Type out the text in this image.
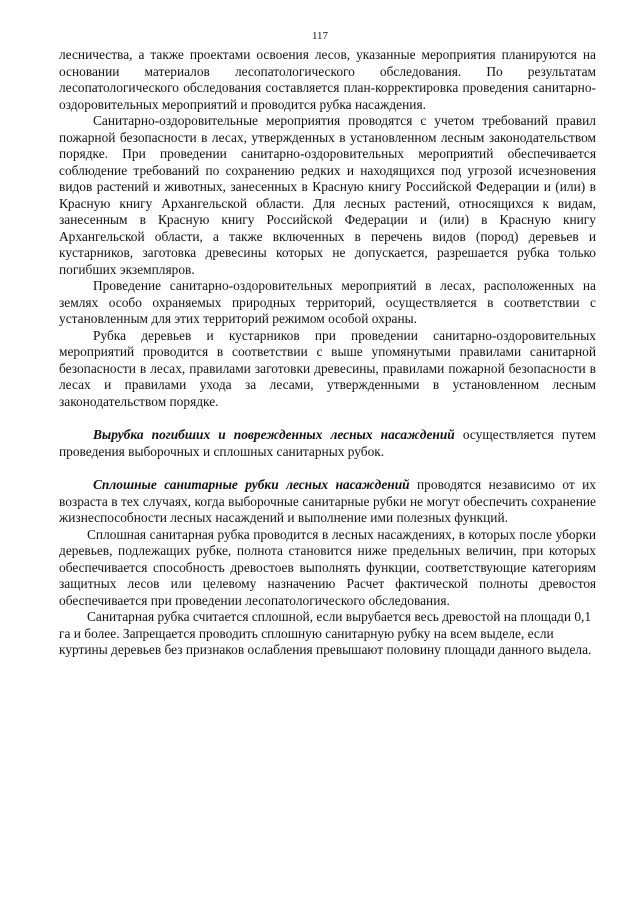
117

лесничества, а также проектами освоения лесов, указанные мероприятия планируются на основании материалов лесопатологического обследования. По результатам лесопатологического обследования составляется план-корректировка проведения санитарно-оздоровительных мероприятий и проводится рубка насаждения.

Санитарно-оздоровительные мероприятия проводятся с учетом требований правил пожарной безопасности в лесах, утвержденных в установленном лесным законодательством порядке. При проведении санитарно-оздоровительных мероприятий обеспечивается соблюдение требований по сохранению редких и находящихся под угрозой исчезновения видов растений и животных, занесенных в Красную книгу Российской Федерации и (или) в Красную книгу Архангельской области. Для лесных растений, относящихся к видам, занесенным в Красную книгу Российской Федерации и (или) в Красную книгу Архангельской области, а также включенных в перечень видов (пород) деревьев и кустарников, заготовка древесины которых не допускается, разрешается рубка только погибших экземпляров.

Проведение санитарно-оздоровительных мероприятий в лесах, расположенных на землях особо охраняемых природных территорий, осуществляется в соответствии с установленным для этих территорий режимом особой охраны.

Рубка деревьев и кустарников при проведении санитарно-оздоровительных мероприятий проводится в соответствии с выше упомянутыми правилами санитарной безопасности в лесах, правилами заготовки древесины, правилами пожарной безопасности в лесах и правилами ухода за лесами, утвержденными в установленном лесным законодательством порядке.

Вырубка погибших и поврежденных лесных насаждений осуществляется путем проведения выборочных и сплошных санитарных рубок.

Сплошные санитарные рубки лесных насаждений проводятся независимо от их возраста в тех случаях, когда выборочные санитарные рубки не могут обеспечить сохранение жизнеспособности лесных насаждений и выполнение ими полезных функций.

Сплошная санитарная рубка проводится в лесных насаждениях, в которых после уборки деревьев, подлежащих рубке, полнота становится ниже предельных величин, при которых обеспечивается способность древостоев выполнять функции, соответствующие категориям защитных лесов или целевому назначению Расчет фактической полноты древостоя обеспечивается при проведении лесопатологического обследования.

Санитарная рубка считается сплошной, если вырубается весь древостой на площади 0,1 га и более. Запрещается проводить сплошную санитарную рубку на всем выделе, если куртины деревьев без признаков ослабления превышают половину площади данного выдела.
